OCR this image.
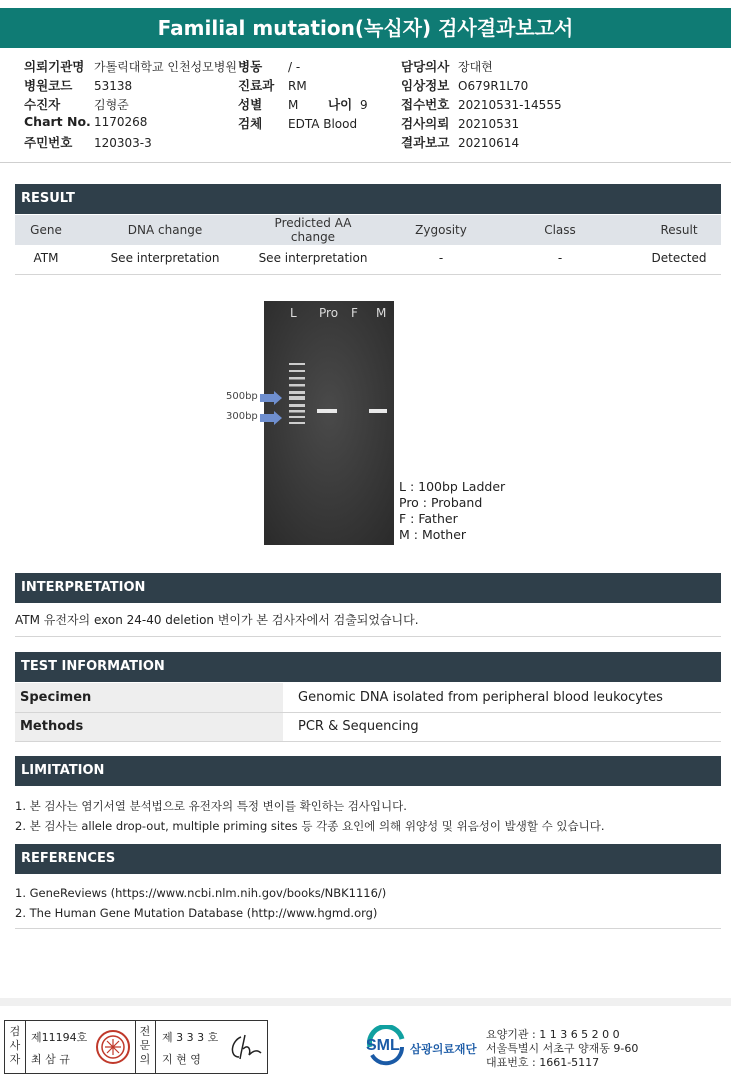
Familial mutation(녹십자) 검사결과보고서
의뢰기관명 가톨릭대학교 인천성모병원
병원코드 53138
수진자	김형준
Chart No. 1170268
주민번호 120303-3
병동 / -
진료과 RM
성별 M 나이 9
검체 EDTA Blood
담당의사 장대현
임상정보 O679R1L70
접수번호 20210531-14555
검사의뢰 20210531
결과보고 20210614
RESULT
Gene	DNA change	Predicted AA change	Zygosity	Class	Result
ATM	See interpretation	See interpretation	-	-	Detected
L Pro F M
500bp
300bp
L : 100bp Ladder
Pro : Proband
F : Father
M : Mother
INTERPRETATION
ATM 유전자의 exon 24-40 deletion 변이가 본 검사자에서 검출되었습니다.
TEST INFORMATION
Specimen	Genomic DNA isolated from peripheral blood leukocytes
Methods	PCR & Sequencing
LIMITATION
1. 본 검사는 염기서열 분석법으로 유전자의 특정 변이를 확인하는 검사입니다.
2. 본 검사는 allele drop-out, multiple priming sites 등 각종 요인에 의해 위양성 및 위음성이 발생할 수 있습니다.
REFERENCES
1. GeneReviews (https://www.ncbi.nlm.nih.gov/books/NBK1116/)
2. The Human Gene Mutation Database (http://www.hgmd.org)
검사자
제11194호
최 삼 규
전문의
제 3 3 3 호
지 현 영
SML 삼광의료재단
요양기관 : 1 1 3 6 5 2 0 0
서울특별시 서초구 양재동 9-60
대표번호 : 1661-5117
